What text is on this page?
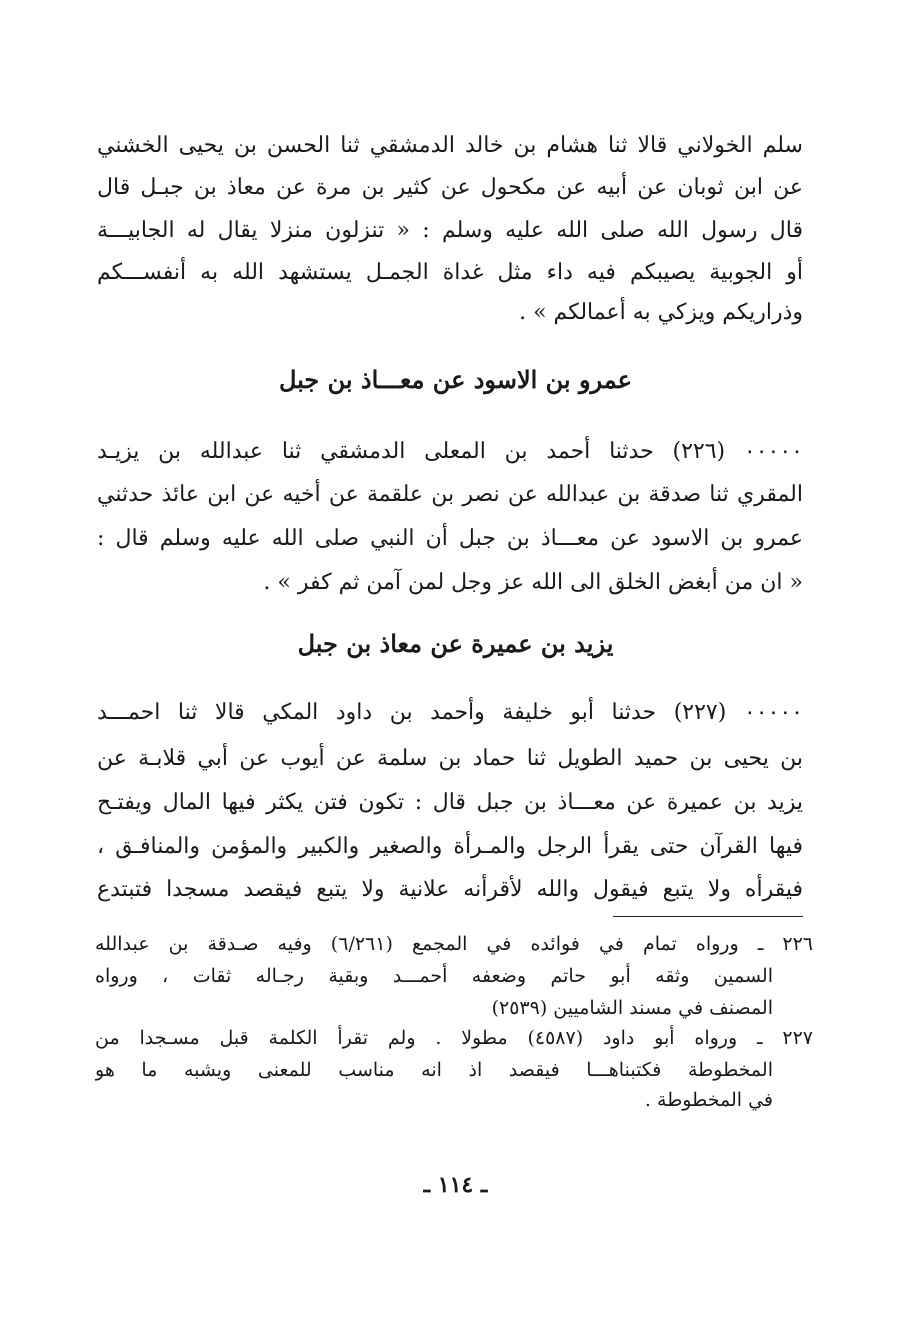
سلم الخولاني قالا ثنا هشام بن خالد الدمشقي ثنا الحسن بن يحيى الخشني
عن ابن ثوبان عن أبيه عن مكحول عن كثير بن مرة عن معاذ بن جبـل قال
قال رسول الله صلى الله عليه وسلم : « تنزلون منزلا يقال له الجابيـــة
أو الجوبية يصيبكم فيه داء مثل غداة الجمـل يستشهد الله به أنفســـكم
وذراريكم ويزكي به أعمالكم » .
عمرو بن الاسود عن معـــاذ بن جبل
٠٠٠٠٠ (٢٢٦) حدثنا أحمد بن المعلى الدمشقي ثنا عبدالله بن يزيـد
المقري ثنا صدقة بن عبدالله عن نصر بن علقمة عن أخيه عن ابن عائذ حدثني
عمرو بن الاسود عن معـــاذ بن جبل أن النبي صلى الله عليه وسلم قال :
« ان من أبغض الخلق الى الله عز وجل لمن آمن ثم كفر » .
يزيد بن عميرة عن معاذ بن جبل
٠٠٠٠٠ (٢٢٧) حدثنا أبو خليفة وأحمد بن داود المكي قالا ثنا احمـــد
بن يحيى بن حميد الطويل ثنا حماد بن سلمة عن أيوب عن أبي قلابـة عن
يزيد بن عميرة عن معـــاذ بن جبل قال : تكون فتن يكثر فيها المال ويفتـح
فيها القرآن حتى يقرأ الرجل والمـرأة والصغير والكبير والمؤمن والمنافـق ،
فيقرأه ولا يتبع فيقول والله لأقرأنه علانية ولا يتبع فيقصد مسجدا فتبتدع
٢٢٦ ـ ورواه تمام في فوائده في المجمع (٦/٢٦١) وفيه صـدقة بن عبدالله
السمين وثقه أبو حاتم وضعفه أحمـــد وبقية رجـاله ثقات ، ورواه
المصنف في مسند الشاميين (٢٥٣٩)
٢٢٧ ـ ورواه أبو داود (٤٥٨٧) مطولا . ولم تقرأ الكلمة قبل مسـجدا من
المخطوطة فكتبناهـــا فيقصد اذ انه مناسب للمعنى ويشبه ما هو
في المخطوطة .
ـ ١١٤ ـ
